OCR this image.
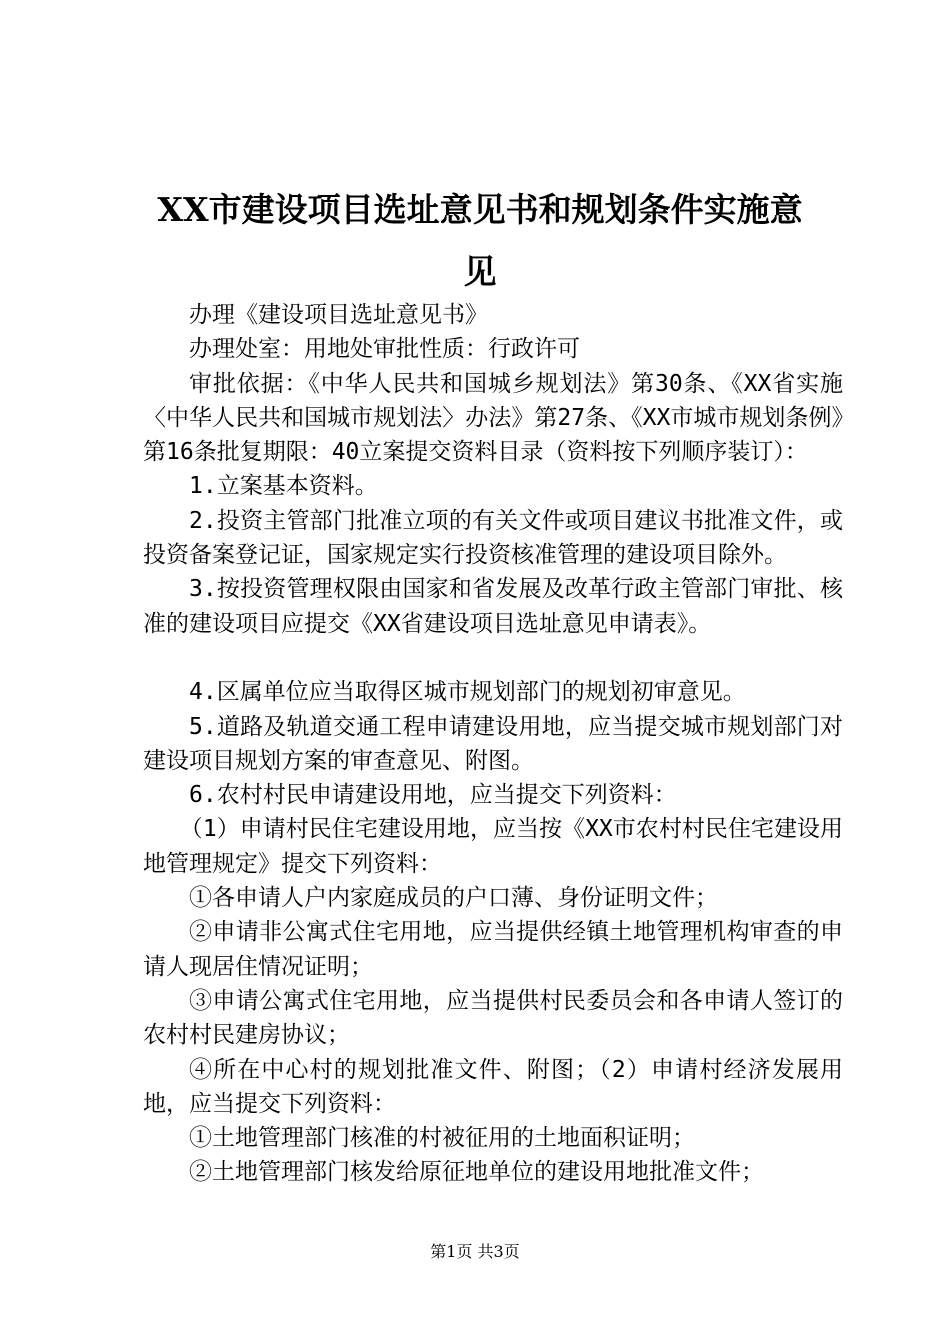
XX市建设项目选址意见书和规划条件实施意
见

办理《建设项目选址意见书》

办理处室：用地处审批性质：行政许可

审批依据：《中华人民共和国城乡规划法》第30条、《XX省实施〈中华人民共和国城市规划法〉办法》第27条、《XX市城市规划条例》第16条批复期限：40立案提交资料目录（资料按下列顺序装订）：

1.立案基本资料。

2.投资主管部门批准立项的有关文件或项目建议书批准文件，或投资备案登记证，国家规定实行投资核准管理的建设项目除外。

3.按投资管理权限由国家和省发展及改革行政主管部门审批、核准的建设项目应提交《XX省建设项目选址意见申请表》。

4.区属单位应当取得区城市规划部门的规划初审意见。

5.道路及轨道交通工程申请建设用地，应当提交城市规划部门对建设项目规划方案的审查意见、附图。

6.农村村民申请建设用地，应当提交下列资料：

（1）申请村民住宅建设用地，应当按《XX市农村村民住宅建设用地管理规定》提交下列资料：

①各申请人户内家庭成员的户口薄、身份证明文件；

②申请非公寓式住宅用地，应当提供经镇土地管理机构审查的申请人现居住情况证明；

③申请公寓式住宅用地，应当提供村民委员会和各申请人签订的农村村民建房协议；

④所在中心村的规划批准文件、附图；（2）申请村经济发展用地，应当提交下列资料：

①土地管理部门核准的村被征用的土地面积证明；

②土地管理部门核发给原征地单位的建设用地批准文件；

第1页 共3页
